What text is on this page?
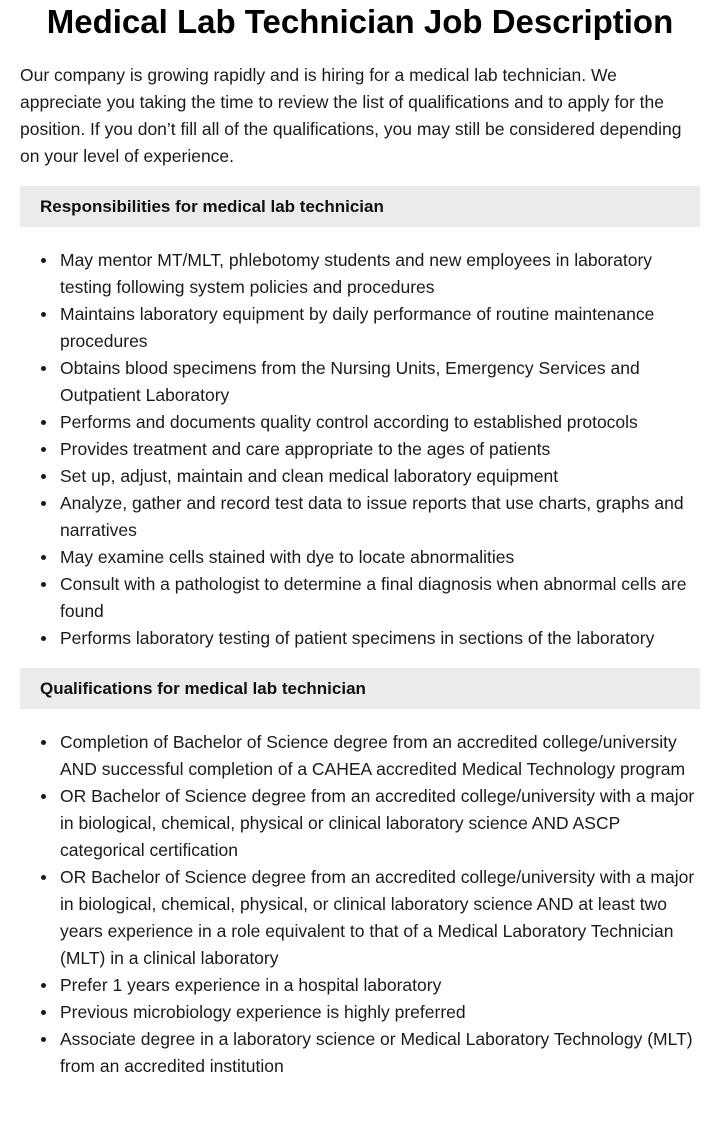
Medical Lab Technician Job Description

Our company is growing rapidly and is hiring for a medical lab technician. We appreciate you taking the time to review the list of qualifications and to apply for the position. If you don’t fill all of the qualifications, you may still be considered depending on your level of experience.

Responsibilities for medical lab technician
May mentor MT/MLT, phlebotomy students and new employees in laboratory testing following system policies and procedures
Maintains laboratory equipment by daily performance of routine maintenance procedures
Obtains blood specimens from the Nursing Units, Emergency Services and Outpatient Laboratory
Performs and documents quality control according to established protocols
Provides treatment and care appropriate to the ages of patients
Set up, adjust, maintain and clean medical laboratory equipment
Analyze, gather and record test data to issue reports that use charts, graphs and narratives
May examine cells stained with dye to locate abnormalities
Consult with a pathologist to determine a final diagnosis when abnormal cells are found
Performs laboratory testing of patient specimens in sections of the laboratory
Qualifications for medical lab technician
Completion of Bachelor of Science degree from an accredited college/university AND successful completion of a CAHEA accredited Medical Technology program
OR Bachelor of Science degree from an accredited college/university with a major in biological, chemical, physical or clinical laboratory science AND ASCP categorical certification
OR Bachelor of Science degree from an accredited college/university with a major in biological, chemical, physical, or clinical laboratory science AND at least two years experience in a role equivalent to that of a Medical Laboratory Technician (MLT) in a clinical laboratory
Prefer 1 years experience in a hospital laboratory
Previous microbiology experience is highly preferred
Associate degree in a laboratory science or Medical Laboratory Technology (MLT) from an accredited institution
